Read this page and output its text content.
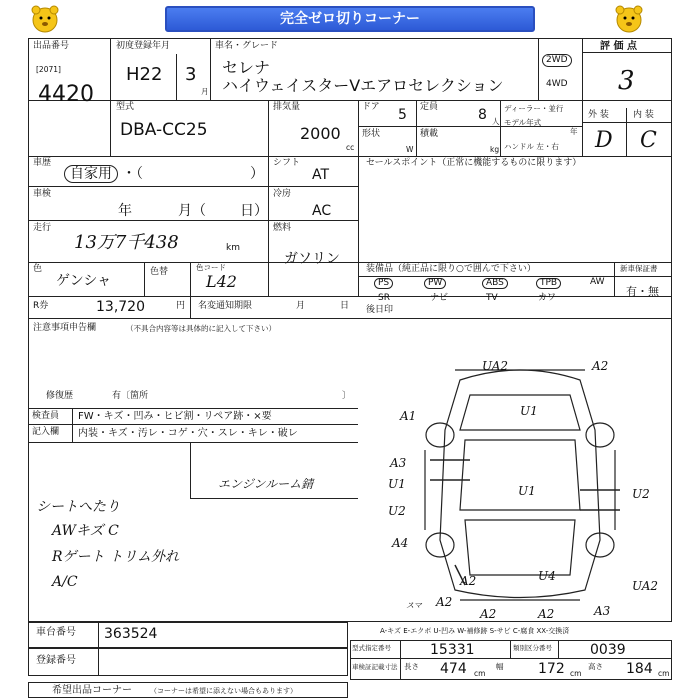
完全ゼロ切りコーナー
出品番号
[2071]
4420
初度登録年月
H22 3
月
車名・グレード
セレナ
ハイウェイスターVエアロセレクション
2WD
4WD
評 価 点
3
外 装	内 装
D C
型式
DBA-CC25
排気量
2000
cc
ドア 5 定員	8 人
形状
W
積載
kg
ディーラー・並行
モデル年式
年
ハンドル 左・右
車歴
自家用 ・（	）
シフト
AT
車検
年	月（ 日）
冷房
AC
走行
13万7千438	km
燃料
ガソリン
色
ゲンシャ
色替	色コード
L42
R券	13,720	円 名変通知期限	月	日
セールスポイント（正常に機能するものに限ります）
装備品（純正品に限り○で囲んで下さい）	新車保証書
有・無
PS	PW	ABS	TPB	AW
SR	ナビ	TV	カワ
後日印
注意事項申告欄	（不具合内容等は具体的に記入して下さい）
修復歴	有〔箇所	〕
検査員
記入欄
FW・キズ・凹み・ヒビ割・リペア跡・×要
内装・キズ・汚レ・コゲ・穴・スレ・キレ・破レ
エンジンルーム錆
シートへたり
AWキズ C
Rゲート トリム外れ
A/C
UA2	A2
A1	U1
U1
A3
U1
U2
U2
A4
U4
UA2
A2
A3
A2	A2
A2
スマ
A-キズ E-エクボ U-凹み W-補修跡 S-サビ C-腐食 XX-交換済
車台番号 363524
登録番号
型式指定番号	15331	類別区分番号	0039
車検証記載寸法 長さ 474 cm
幅 172 cm
高さ 184 cm
希望出品コーナー	（コーナーは希望に添えない場合もあります）
